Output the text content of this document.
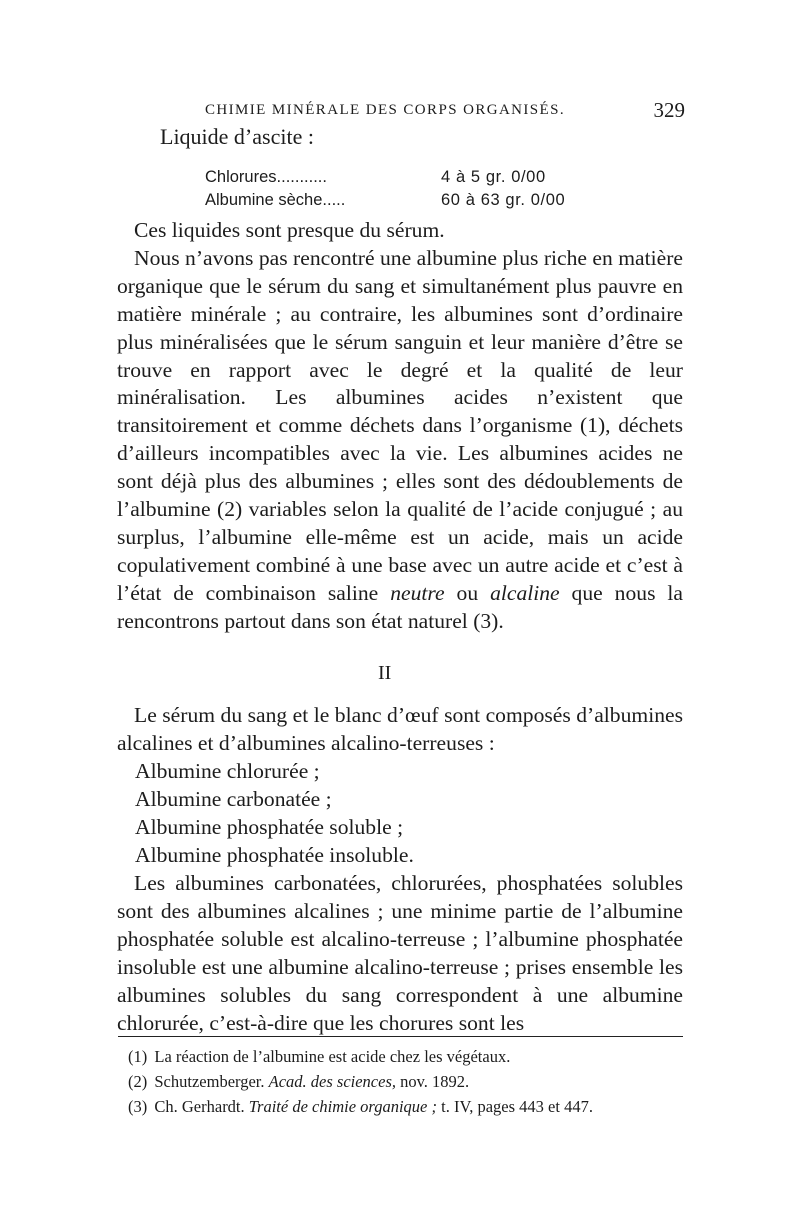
CHIMIE MINÉRALE DES CORPS ORGANISÉS.	329
Liquide d’ascite :
Chlorures...........	4 à 5 gr. 0/00
Albumine sèche.....	60 à 63 gr. 0/00

Ces liquides sont presque du sérum.

Nous n’avons pas rencontré une albumine plus riche en matière organique que le sérum du sang et simultanément plus pauvre en matière minérale ; au contraire, les albumines sont d’ordinaire plus minéralisées que le sérum sanguin et leur manière d’être se trouve en rapport avec le degré et la qualité de leur minéralisation. Les albumines acides n’existent que transitoirement et comme déchets dans l’organisme (1), déchets d’ailleurs incompatibles avec la vie. Les albumines acides ne sont déjà plus des albumines ; elles sont des dédoublements de l’albumine (2) variables selon la qualité de l’acide conjugué ; au surplus, l’albumine elle-même est un acide, mais un acide copulativement combiné à une base avec un autre acide et c’est à l’état de combinaison saline neutre ou alcaline que nous la rencontrons partout dans son état naturel (3).

II

Le sérum du sang et le blanc d’œuf sont composés d’albumines alcalines et d’albumines alcalino-terreuses :

Albumine chlorurée ;
Albumine carbonatée ;
Albumine phosphatée soluble ;
Albumine phosphatée insoluble.

Les albumines carbonatées, chlorurées, phosphatées solubles sont des albumines alcalines ; une minime partie de l’albumine phosphatée soluble est alcalino-terreuse ; l’albumine phosphatée insoluble est une albumine alcalino-terreuse ; prises ensemble les albumines solubles du sang correspondent à une albumine chlorurée, c’est-à-dire que les chorures sont les

(1) La réaction de l’albumine est acide chez les végétaux.
(2) Schutzemberger. Acad. des sciences, nov. 1892.
(3) Ch. Gerhardt. Traité de chimie organique ; t. IV, pages 443 et 447.
